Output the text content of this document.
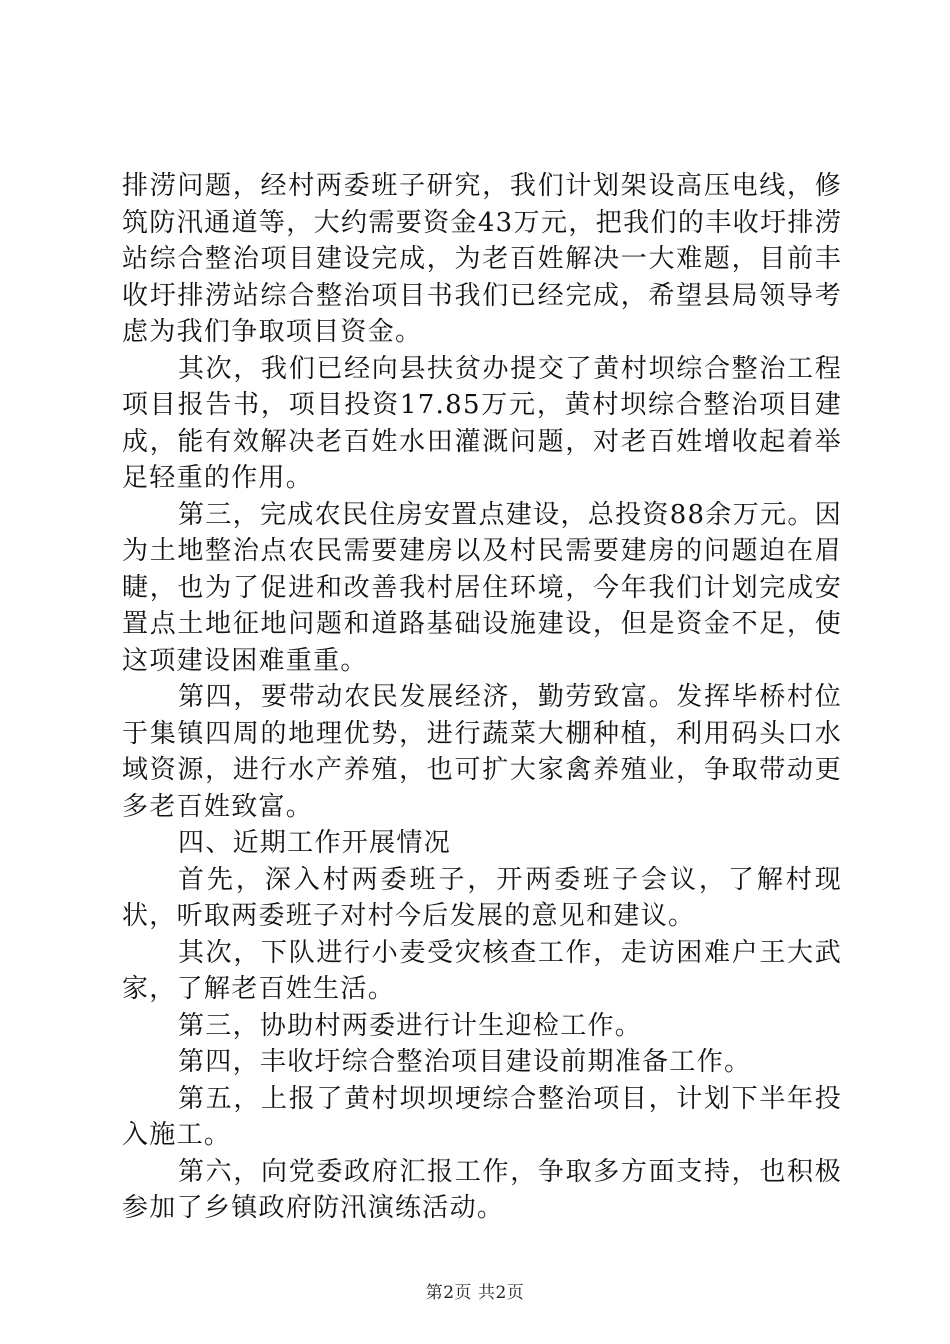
排涝问题，经村两委班子研究，我们计划架设高压电线，修筑防汛通道等，大约需要资金43万元，把我们的丰收圩排涝站综合整治项目建设完成，为老百姓解决一大难题，目前丰收圩排涝站综合整治项目书我们已经完成，希望县局领导考虑为我们争取项目资金。

其次，我们已经向县扶贫办提交了黄村坝综合整治工程项目报告书，项目投资17.85万元，黄村坝综合整治项目建成，能有效解决老百姓水田灌溉问题，对老百姓增收起着举足轻重的作用。

第三，完成农民住房安置点建设，总投资88余万元。因为土地整治点农民需要建房以及村民需要建房的问题迫在眉睫，也为了促进和改善我村居住环境，今年我们计划完成安置点土地征地问题和道路基础设施建设，但是资金不足，使这项建设困难重重。

第四，要带动农民发展经济，勤劳致富。发挥毕桥村位于集镇四周的地理优势，进行蔬菜大棚种植，利用码头口水域资源，进行水产养殖，也可扩大家禽养殖业，争取带动更多老百姓致富。

四、近期工作开展情况

首先，深入村两委班子，开两委班子会议，了解村现状，听取两委班子对村今后发展的意见和建议。

其次，下队进行小麦受灾核查工作，走访困难户王大武家，了解老百姓生活。

第三，协助村两委进行计生迎检工作。

第四，丰收圩综合整治项目建设前期准备工作。

第五，上报了黄村坝坝埂综合整治项目，计划下半年投入施工。

第六，向党委政府汇报工作，争取多方面支持，也积极参加了乡镇政府防汛演练活动。

第2页 共2页
